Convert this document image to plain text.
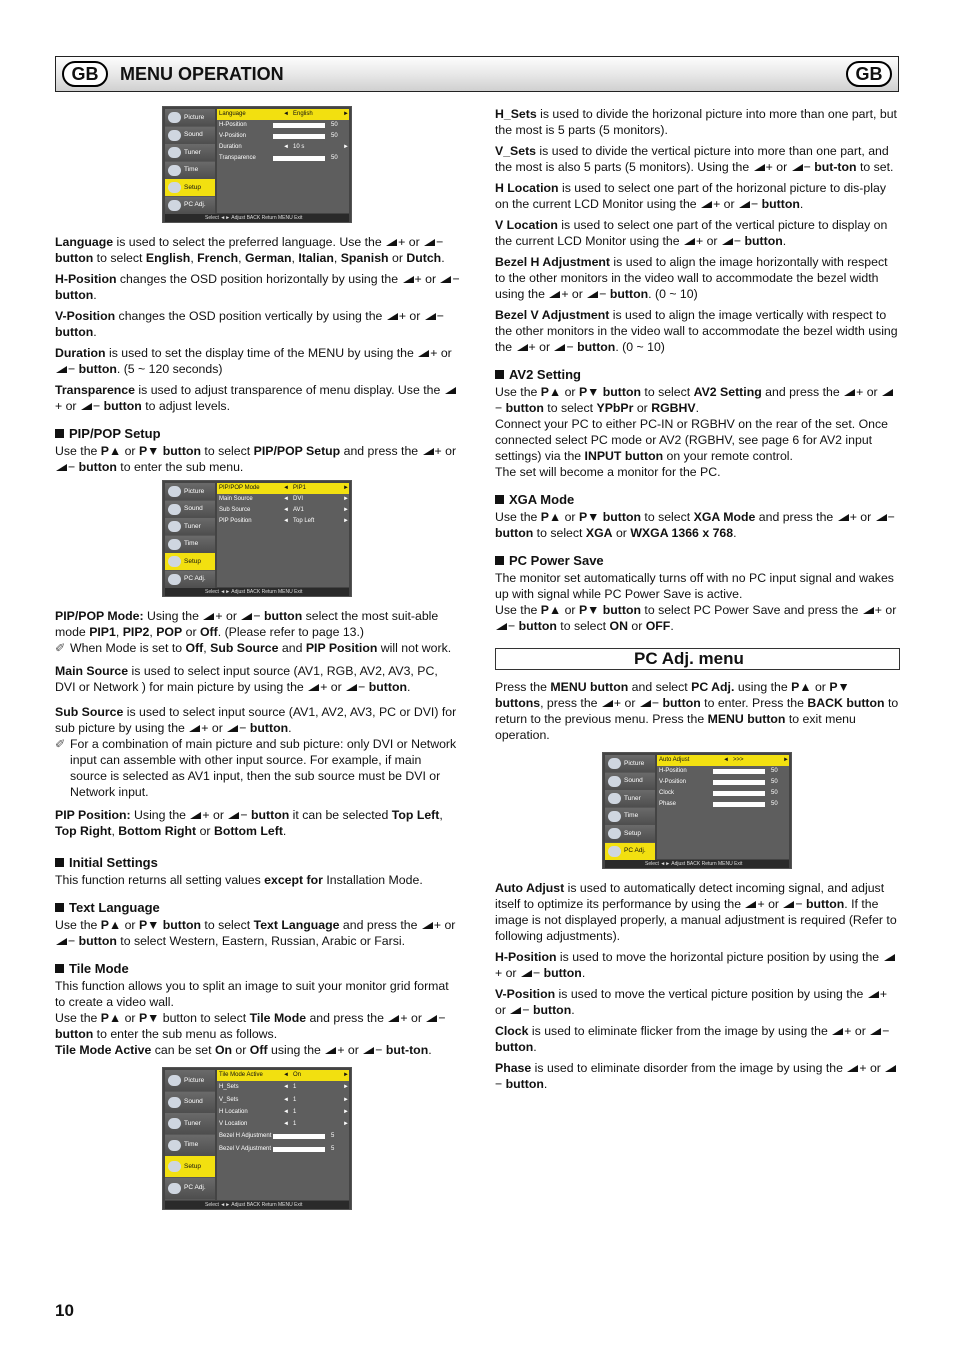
GB	MENU OPERATION	GB
Picture
Sound
Tuner
Time
Setup
PC Adj.
Language	◄ English	►
H-Position	50
V-Position	50
Duration	◄ 10 s	►
Transparence	50
Select ◄► Adjust BACK Return MENU Exit

Language is used to select the preferred language. Use the + or − button to select English, French, German, Italian, Spanish or Dutch.

H-Position changes the OSD position horizontally by using the + or − button.

V-Position changes the OSD position vertically by using the + or − button.

Duration is used to set the display time of the MENU by using the + or − button. (5 ~ 120 seconds)

Transparence is used to adjust transparence of menu display. Use the + or − button to adjust levels.

PIP/POP Setup

Use the P▲ or P▼ button to select PIP/POP Setup and press the + or − button to enter the sub menu.

Picture
Sound
Tuner
Time
Setup
PC Adj.
PIP/POP Mode	◄ PIP1	►
Main Source	◄ DVI	►
Sub Source	◄ AV1	►
PIP Position	◄ Top Left	►
Select ◄► Adjust BACK Return MENU Exit

PIP/POP Mode: Using the + or − button select the most suit-able mode PIP1, PIP2, POP or Off. (Please refer to page 13.)

✐ When Mode is set to Off, Sub Source and PIP Position will not work.

Main Source is used to select input source (AV1, RGB, AV2, AV3, PC, DVI or Network ) for main picture by using the + or − button.

Sub Source is used to select input source (AV1, AV2, AV3, PC or DVI) for sub picture by using the + or − button.

✐ For a combination of main picture and sub picture: only DVI or Network input can assemble with other input source. For example, if main source is selected as AV1 input, then the sub source must be DVI or Network input.

PIP Position: Using the + or − button it can be selected Top Left, Top Right, Bottom Right or Bottom Left.

Initial Settings

This function returns all setting values except for Installation Mode.

Text Language

Use the P▲ or P▼ button to select Text Language and press the + or − button to select Western, Eastern, Russian, Arabic or Farsi.

Tile Mode

This function allows you to split an image to suit your monitor grid format to create a video wall.

Use the P▲ or P▼ button to select Tile Mode and press the + or − button to enter the sub menu as follows.

Tile Mode Active can be set On or Off using the + or − but-ton.

Picture
Sound
Tuner
Time
Setup
PC Adj.
Tile Mode Active	◄ On	►
H_Sets	◄ 1	►
V_Sets	◄ 1	►
H Location	◄ 1	►
V Location	◄ 1	►
Bezel H Adjustment	5
Bezel V Adjustment	5
Select ◄► Adjust BACK Return MENU Exit

H_Sets is used to divide the horizonal picture into more than one part, but the most is 5 parts (5 monitors).

V_Sets is used to divide the vertical picture into more than one part, and the most is also 5 parts (5 monitors). Using the + or − but-ton to set.

H Location is used to select one part of the horizonal picture to dis-play on the current LCD Monitor using the + or − button.

V Location is used to select one part of the vertical picture to display on the current LCD Monitor using the + or − button.

Bezel H Adjustment is used to align the image horizontally with respect to the other monitors in the video wall to accommodate the bezel width using the + or − button. (0 ~ 10)

Bezel V Adjustment is used to align the image vertically with respect to the other monitors in the video wall to accommodate the bezel width using the + or − button. (0 ~ 10)

AV2 Setting

Use the P▲ or P▼ button to select AV2 Setting and press the + or − button to select YPbPr or RGBHV.
Connect your PC to either PC-IN or RGBHV on the rear of the set. Once connected select PC mode or AV2 (RGBHV, see page 6 for AV2 input settings) via the INPUT button on your remote control.
The set will become a monitor for the PC.

XGA Mode

Use the P▲ or P▼ button to select XGA Mode and press the + or − button to select XGA or WXGA 1366 x 768.

PC Power Save

The monitor set automatically turns off with no PC input signal and wakes up with signal while PC Power Save is active.
Use the P▲ or P▼ button to select PC Power Save and press the + or − button to select ON or OFF.

PC Adj. menu

Press the MENU button and select PC Adj. using the P▲ or P▼ buttons, press the + or − button to enter. Press the BACK button to return to the previous menu. Press the MENU button to exit menu operation.

Picture
Sound
Tuner
Time
Setup
PC Adj.
Auto Adjust	◄ >>>	►
H-Position	50
V-Position	50
Clock	50
Phase	50
Select ◄► Adjust BACK Return MENU Exit

Auto Adjust is used to automatically detect incoming signal, and adjust itself to optimize its performance by using the + or − button. If the image is not displayed properly, a manual adjustment is required (Refer to following adjustments).

H-Position is used to move the horizontal picture position by using the + or − button.

V-Position is used to move the vertical picture position by using the + or − button.

Clock is used to eliminate flicker from the image by using the + or − button.

Phase is used to eliminate disorder from the image by using the + or − button.

10
